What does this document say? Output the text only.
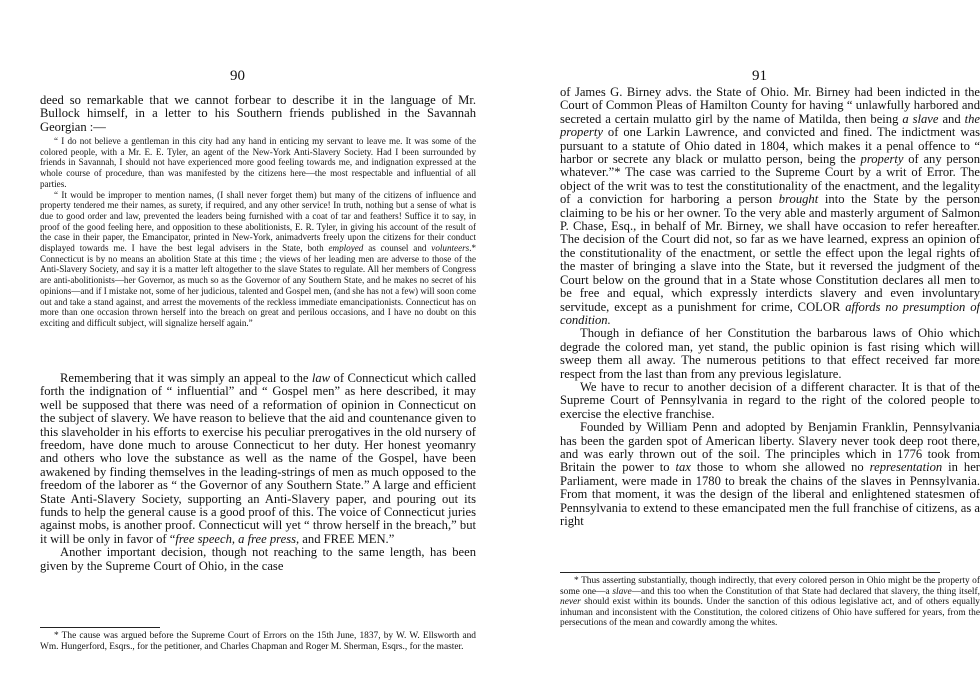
90

deed so remarkable that we cannot forbear to describe it in the language of Mr. Bullock himself, in a letter to his Southern friends published in the Savannah Georgian :—

“ I do not believe a gentleman in this city had any hand in enticing my servant to leave me. It was some of the colored people, with a Mr. E. E. Tyler, an agent of the New-York Anti-Slavery Society. Had I been surrounded by friends in Savannah, I should not have experienced more good feeling towards me, and indignation expressed at the whole course of procedure, than was manifested by the citizens here—the most respectable and influential of all parties.

“ It would be improper to mention names, (I shall never forget them) but many of the citizens of influence and property tendered me their names, as surety, if required, and any other service! In truth, nothing but a sense of what is due to good order and law, prevented the leaders being furnished with a coat of tar and feathers! Suffice it to say, in proof of the good feeling here, and opposition to these abolitionists, E. R. Tyler, in giving his account of the result of the case in their paper, the Emancipator, printed in New-York, animadverts freely upon the citizens for their conduct displayed towards me. I have the best legal advisers in the State, both employed as counsel and volunteers.* Connecticut is by no means an abolition State at this time ; the views of her leading men are adverse to those of the Anti-Slavery Society, and say it is a matter left altogether to the slave States to regulate. All her members of Congress are anti-abolitionists—her Governor, as much so as the Governor of any Southern State, and he makes no secret of his opinions—and if I mistake not, some of her judicious, talented and Gospel men, (and she has not a few) will soon come out and take a stand against, and arrest the movements of the reckless immediate emancipationists. Connecticut has on more than one occasion thrown herself into the breach on great and perilous occasions, and I have no doubt on this exciting and difficult subject, will signalize herself again.”

Remembering that it was simply an appeal to the law of Connecticut which called forth the indignation of “ influential” and “ Gospel men” as here described, it may well be supposed that there was need of a reformation of opinion in Connecticut on the subject of slavery. We have reason to believe that the aid and countenance given to this slaveholder in his efforts to exercise his peculiar prerogatives in the old nursery of freedom, have done much to arouse Connecticut to her duty. Her honest yeomanry and others who love the substance as well as the name of the Gospel, have been awakened by finding themselves in the leading-strings of men as much opposed to the freedom of the laborer as “ the Governor of any Southern State.” A large and efficient State Anti-Slavery Society, supporting an Anti-Slavery paper, and pouring out its funds to help the general cause is a good proof of this. The voice of Connecticut juries against mobs, is another proof. Connecticut will yet “ throw herself in the breach,” but it will be only in favor of “free speech, a free press, and FREE MEN.”

Another important decision, though not reaching to the same length, has been given by the Supreme Court of Ohio, in the case

* The cause was argued before the Supreme Court of Errors on the 15th June, 1837, by W. W. Ellsworth and Wm. Hungerford, Esqrs., for the petitioner, and Charles Chapman and Roger M. Sherman, Esqrs., for the master.

91

of James G. Birney advs. the State of Ohio. Mr. Birney had been indicted in the Court of Common Pleas of Hamilton County for having “ unlawfully harbored and secreted a certain mulatto girl by the name of Matilda, then being a slave and the property of one Larkin Lawrence, and convicted and fined. The indictment was pursuant to a statute of Ohio dated in 1804, which makes it a penal offence to “ harbor or secrete any black or mulatto person, being the property of any person whatever.”* The case was carried to the Supreme Court by a writ of Error. The object of the writ was to test the constitutionality of the enactment, and the legality of a conviction for harboring a person brought into the State by the person claiming to be his or her owner. To the very able and masterly argument of Salmon P. Chase, Esq., in behalf of Mr. Birney, we shall have occasion to refer hereafter. The decision of the Court did not, so far as we have learned, express an opinion of the constitutionality of the enactment, or settle the effect upon the legal rights of the master of bringing a slave into the State, but it reversed the judgment of the Court below on the ground that in a State whose Constitution declares all men to be free and equal, which expressly interdicts slavery and even involuntary servitude, except as a punishment for crime, COLOR affords no presumption of condition.

Though in defiance of her Constitution the barbarous laws of Ohio which degrade the colored man, yet stand, the public opinion is fast rising which will sweep them all away. The numerous petitions to that effect received far more respect from the last than from any previous legislature.

We have to recur to another decision of a different character. It is that of the Supreme Court of Pennsylvania in regard to the right of the colored people to exercise the elective franchise.

Founded by William Penn and adopted by Benjamin Franklin, Pennsylvania has been the garden spot of American liberty. Slavery never took deep root there, and was early thrown out of the soil. The principles which in 1776 took from Britain the power to tax those to whom she allowed no representation in her Parliament, were made in 1780 to break the chains of the slaves in Pennsylvania. From that moment, it was the design of the liberal and enlightened statesmen of Pennsylvania to extend to these emancipated men the full franchise of citizens, as a right

* Thus asserting substantially, though indirectly, that every colored person in Ohio might be the property of some one—a slave—and this too when the Constitution of that State had declared that slavery, the thing itself, never should exist within its bounds. Under the sanction of this odious legislative act, and of others equally inhuman and inconsistent with the Constitution, the colored citizens of Ohio have suffered for years, from the persecutions of the mean and cowardly among the whites.
